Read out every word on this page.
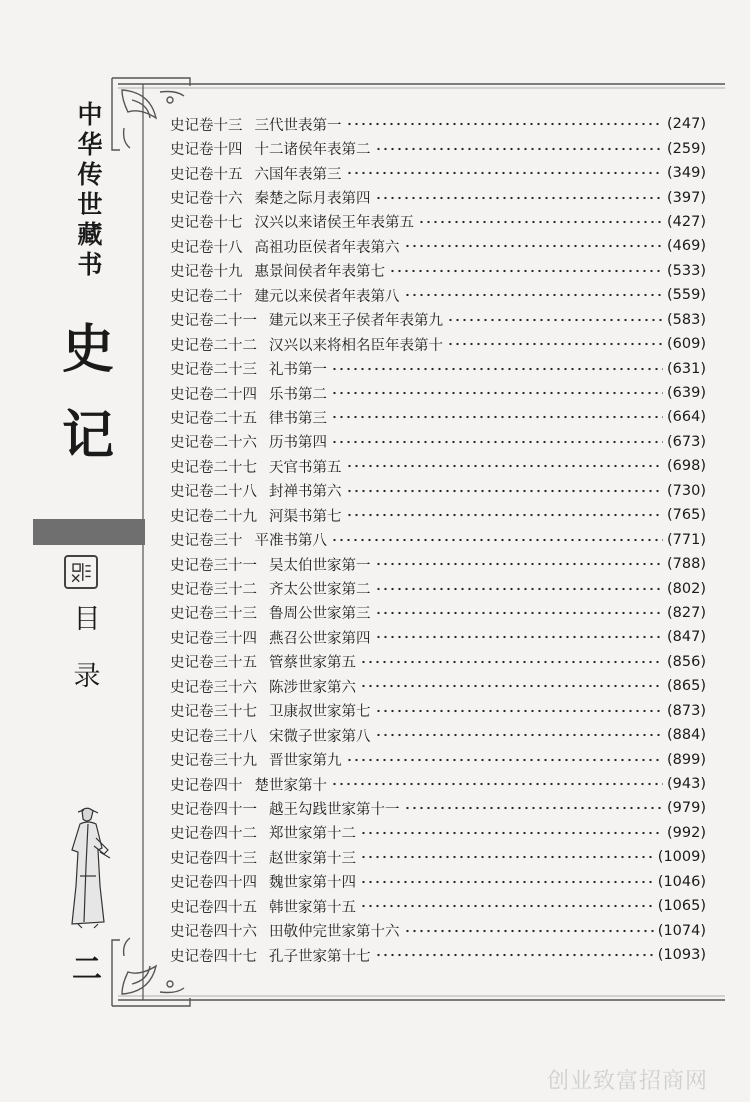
中华传世藏书
史
记
目
录
二
史记卷十三 三代世表第一	(247)
史记卷十四 十二诸侯年表第二	(259)
史记卷十五 六国年表第三	(349)
史记卷十六 秦楚之际月表第四	(397)
史记卷十七 汉兴以来诸侯王年表第五	(427)
史记卷十八 高祖功臣侯者年表第六	(469)
史记卷十九 惠景间侯者年表第七	(533)
史记卷二十 建元以来侯者年表第八	(559)
史记卷二十一 建元以来王子侯者年表第九	(583)
史记卷二十二 汉兴以来将相名臣年表第十	(609)
史记卷二十三 礼书第一	(631)
史记卷二十四 乐书第二	(639)
史记卷二十五 律书第三	(664)
史记卷二十六 历书第四	(673)
史记卷二十七 天官书第五	(698)
史记卷二十八 封禅书第六	(730)
史记卷二十九 河渠书第七	(765)
史记卷三十 平准书第八	(771)
史记卷三十一 吴太伯世家第一	(788)
史记卷三十二 齐太公世家第二	(802)
史记卷三十三 鲁周公世家第三	(827)
史记卷三十四 燕召公世家第四	(847)
史记卷三十五 管蔡世家第五	(856)
史记卷三十六 陈涉世家第六	(865)
史记卷三十七 卫康叔世家第七	(873)
史记卷三十八 宋微子世家第八	(884)
史记卷三十九 晋世家第九	(899)
史记卷四十 楚世家第十	(943)
史记卷四十一 越王勾践世家第十一	(979)
史记卷四十二 郑世家第十二	(992)
史记卷四十三 赵世家第十三	(1009)
史记卷四十四 魏世家第十四	(1046)
史记卷四十五 韩世家第十五	(1065)
史记卷四十六 田敬仲完世家第十六	(1074)
史记卷四十七 孔子世家第十七	(1093)
创业致富招商网
